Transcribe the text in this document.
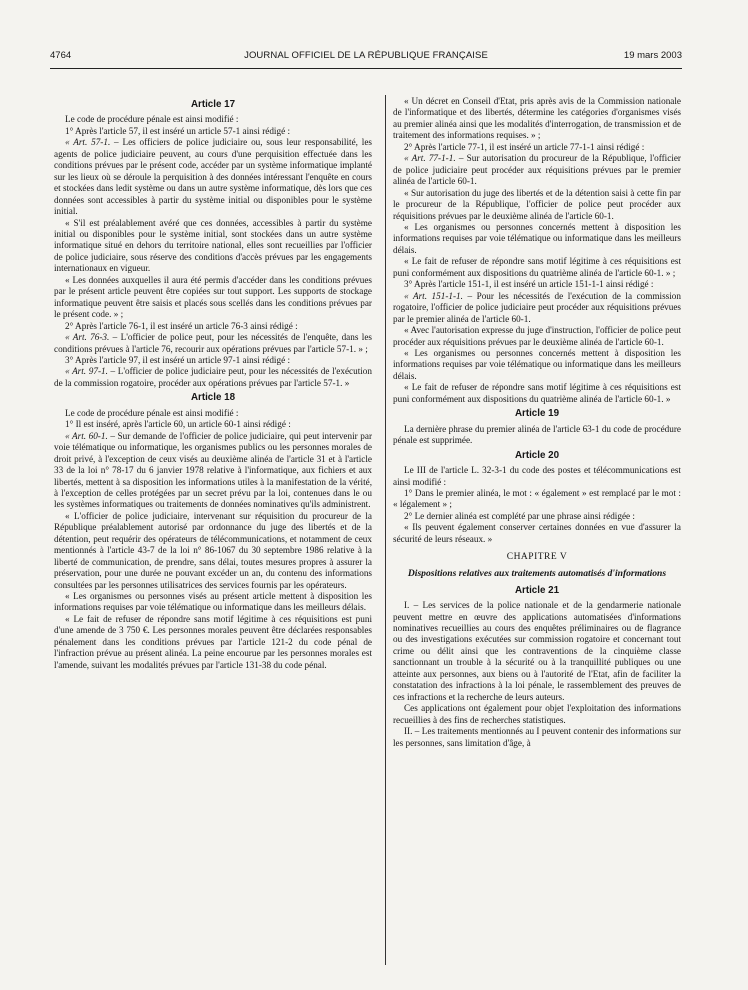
JOURNAL OFFICIEL DE LA RÉPUBLIQUE FRANÇAISE
4764	19 mars 2003
Article 17

Le code de procédure pénale est ainsi modifié :

1° Après l'article 57, il est inséré un article 57-1 ainsi rédigé :

« Art. 57-1. – Les officiers de police judiciaire ou, sous leur responsabilité, les agents de police judiciaire peuvent, au cours d'une perquisition effectuée dans les conditions prévues par le présent code, accéder par un système informatique implanté sur les lieux où se déroule la perquisition à des données intéressant l'enquête en cours et stockées dans ledit système ou dans un autre système informatique, dès lors que ces données sont accessibles à partir du système initial ou disponibles pour le système initial.

« S'il est préalablement avéré que ces données, accessibles à partir du système initial ou disponibles pour le système initial, sont stockées dans un autre système informatique situé en dehors du territoire national, elles sont recueillies par l'officier de police judiciaire, sous réserve des conditions d'accès prévues par les engagements internationaux en vigueur.

« Les données auxquelles il aura été permis d'accéder dans les conditions prévues par le présent article peuvent être copiées sur tout support. Les supports de stockage informatique peuvent être saisis et placés sous scellés dans les conditions prévues par le présent code. » ;

2° Après l'article 76-1, il est inséré un article 76-3 ainsi rédigé :

« Art. 76-3. – L'officier de police peut, pour les nécessités de l'enquête, dans les conditions prévues à l'article 76, recourir aux opérations prévues par l'article 57-1. » ;

3° Après l'article 97, il est inséré un article 97-1 ainsi rédigé :

« Art. 97-1. – L'officier de police judiciaire peut, pour les nécessités de l'exécution de la commission rogatoire, procéder aux opérations prévues par l'article 57-1. »

Article 18

Le code de procédure pénale est ainsi modifié :

1° Il est inséré, après l'article 60, un article 60-1 ainsi rédigé :

« Art. 60-1. – Sur demande de l'officier de police judiciaire, qui peut intervenir par voie télématique ou informatique, les organismes publics ou les personnes morales de droit privé, à l'exception de ceux visés au deuxième alinéa de l'article 31 et à l'article 33 de la loi n° 78-17 du 6 janvier 1978 relative à l'informatique, aux fichiers et aux libertés, mettent à sa disposition les informations utiles à la manifestation de la vérité, à l'exception de celles protégées par un secret prévu par la loi, contenues dans le ou les systèmes informatiques ou traitements de données nominatives qu'ils administrent.

« L'officier de police judiciaire, intervenant sur réquisition du procureur de la République préalablement autorisé par ordonnance du juge des libertés et de la détention, peut requérir des opérateurs de télécommunications, et notamment de ceux mentionnés à l'article 43-7 de la loi n° 86-1067 du 30 septembre 1986 relative à la liberté de communication, de prendre, sans délai, toutes mesures propres à assurer la préservation, pour une durée ne pouvant excéder un an, du contenu des informations consultées par les personnes utilisatrices des services fournis par les opérateurs.

« Les organismes ou personnes visés au présent article mettent à disposition les informations requises par voie télématique ou informatique dans les meilleurs délais.

« Le fait de refuser de répondre sans motif légitime à ces réquisitions est puni d'une amende de 3 750 €. Les personnes morales peuvent être déclarées responsables pénalement dans les conditions prévues par l'article 121-2 du code pénal de l'infraction prévue au présent alinéa. La peine encourue par les personnes morales est l'amende, suivant les modalités prévues par l'article 131-38 du code pénal.

« Un décret en Conseil d'Etat, pris après avis de la Commission nationale de l'informatique et des libertés, détermine les catégories d'organismes visés au premier alinéa ainsi que les modalités d'interrogation, de transmission et de traitement des informations requises. » ;

2° Après l'article 77-1, il est inséré un article 77-1-1 ainsi rédigé :

« Art. 77-1-1. – Sur autorisation du procureur de la République, l'officier de police judiciaire peut procéder aux réquisitions prévues par le premier alinéa de l'article 60-1.

« Sur autorisation du juge des libertés et de la détention saisi à cette fin par le procureur de la République, l'officier de police peut procéder aux réquisitions prévues par le deuxième alinéa de l'article 60-1.

« Les organismes ou personnes concernés mettent à disposition les informations requises par voie télématique ou informatique dans les meilleurs délais.

« Le fait de refuser de répondre sans motif légitime à ces réquisitions est puni conformément aux dispositions du quatrième alinéa de l'article 60-1. » ;

3° Après l'article 151-1, il est inséré un article 151-1-1 ainsi rédigé :

« Art. 151-1-1. – Pour les nécessités de l'exécution de la commission rogatoire, l'officier de police judiciaire peut procéder aux réquisitions prévues par le premier alinéa de l'article 60-1.

« Avec l'autorisation expresse du juge d'instruction, l'officier de police peut procéder aux réquisitions prévues par le deuxième alinéa de l'article 60-1.

« Les organismes ou personnes concernés mettent à disposition les informations requises par voie télématique ou informatique dans les meilleurs délais.

« Le fait de refuser de répondre sans motif légitime à ces réquisitions est puni conformément aux dispositions du quatrième alinéa de l'article 60-1. »

Article 19

La dernière phrase du premier alinéa de l'article 63-1 du code de procédure pénale est supprimée.

Article 20

Le III de l'article L. 32-3-1 du code des postes et télécommunications est ainsi modifié :

1° Dans le premier alinéa, le mot : « également » est remplacé par le mot : « légalement » ;

2° Le dernier alinéa est complété par une phrase ainsi rédigée :

« Ils peuvent également conserver certaines données en vue d'assurer la sécurité de leurs réseaux. »

CHAPITRE V
Dispositions relatives aux traitements automatisés d'informations
Article 21

I. – Les services de la police nationale et de la gendarmerie nationale peuvent mettre en œuvre des applications automatisées d'informations nominatives recueillies au cours des enquêtes préliminaires ou de flagrance ou des investigations exécutées sur commission rogatoire et concernant tout crime ou délit ainsi que les contraventions de la cinquième classe sanctionnant un trouble à la sécurité ou à la tranquillité publiques ou une atteinte aux personnes, aux biens ou à l'autorité de l'Etat, afin de faciliter la constatation des infractions à la loi pénale, le rassemblement des preuves de ces infractions et la recherche de leurs auteurs.

Ces applications ont également pour objet l'exploitation des informations recueillies à des fins de recherches statistiques.

II. – Les traitements mentionnés au I peuvent contenir des informations sur les personnes, sans limitation d'âge, à
